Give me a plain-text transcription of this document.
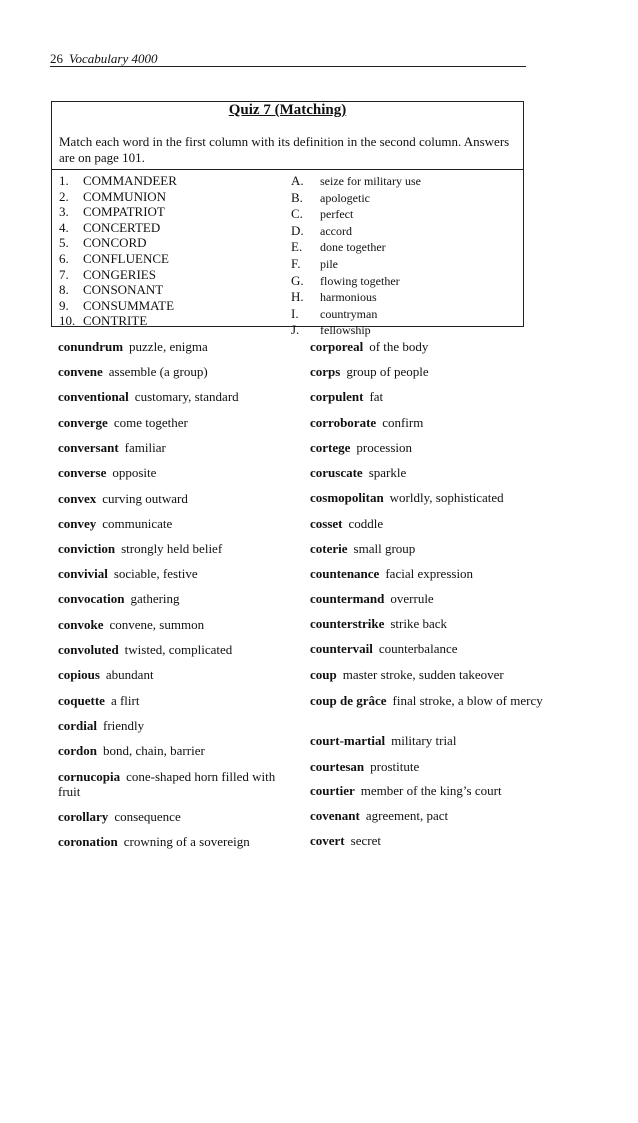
26 Vocabulary 4000
Quiz 7 (Matching)
Match each word in the first column with its definition in the second column. Answers are on page 101.
1. COMMANDEER
2. COMMUNION
3. COMPATRIOT
4. CONCERTED
5. CONCORD
6. CONFLUENCE
7. CONGERIES
8. CONSONANT
9. CONSUMMATE
10. CONTRITE
A. seize for military use
B. apologetic
C. perfect
D. accord
E. done together
F. pile
G. flowing together
H. harmonious
I. countryman
J. fellowship
conundrum puzzle, enigma
convene assemble (a group)
conventional customary, standard
converge come together
conversant familiar
converse opposite
convex curving outward
convey communicate
conviction strongly held belief
convivial sociable, festive
convocation gathering
convoke convene, summon
convoluted twisted, complicated
copious abundant
coquette a flirt
cordial friendly
cordon bond, chain, barrier
cornucopia cone-shaped horn filled with fruit
corollary consequence
coronation crowning of a sovereign
corporeal of the body
corps group of people
corpulent fat
corroborate confirm
cortege procession
coruscate sparkle
cosmopolitan worldly, sophisticated
cosset coddle
coterie small group
countenance facial expression
countermand overrule
counterstrike strike back
countervail counterbalance
coup master stroke, sudden takeover
coup de grâce final stroke, a blow of mercy
court-martial military trial
courtesan prostitute
courtier member of the king’s court
covenant agreement, pact
covert secret
